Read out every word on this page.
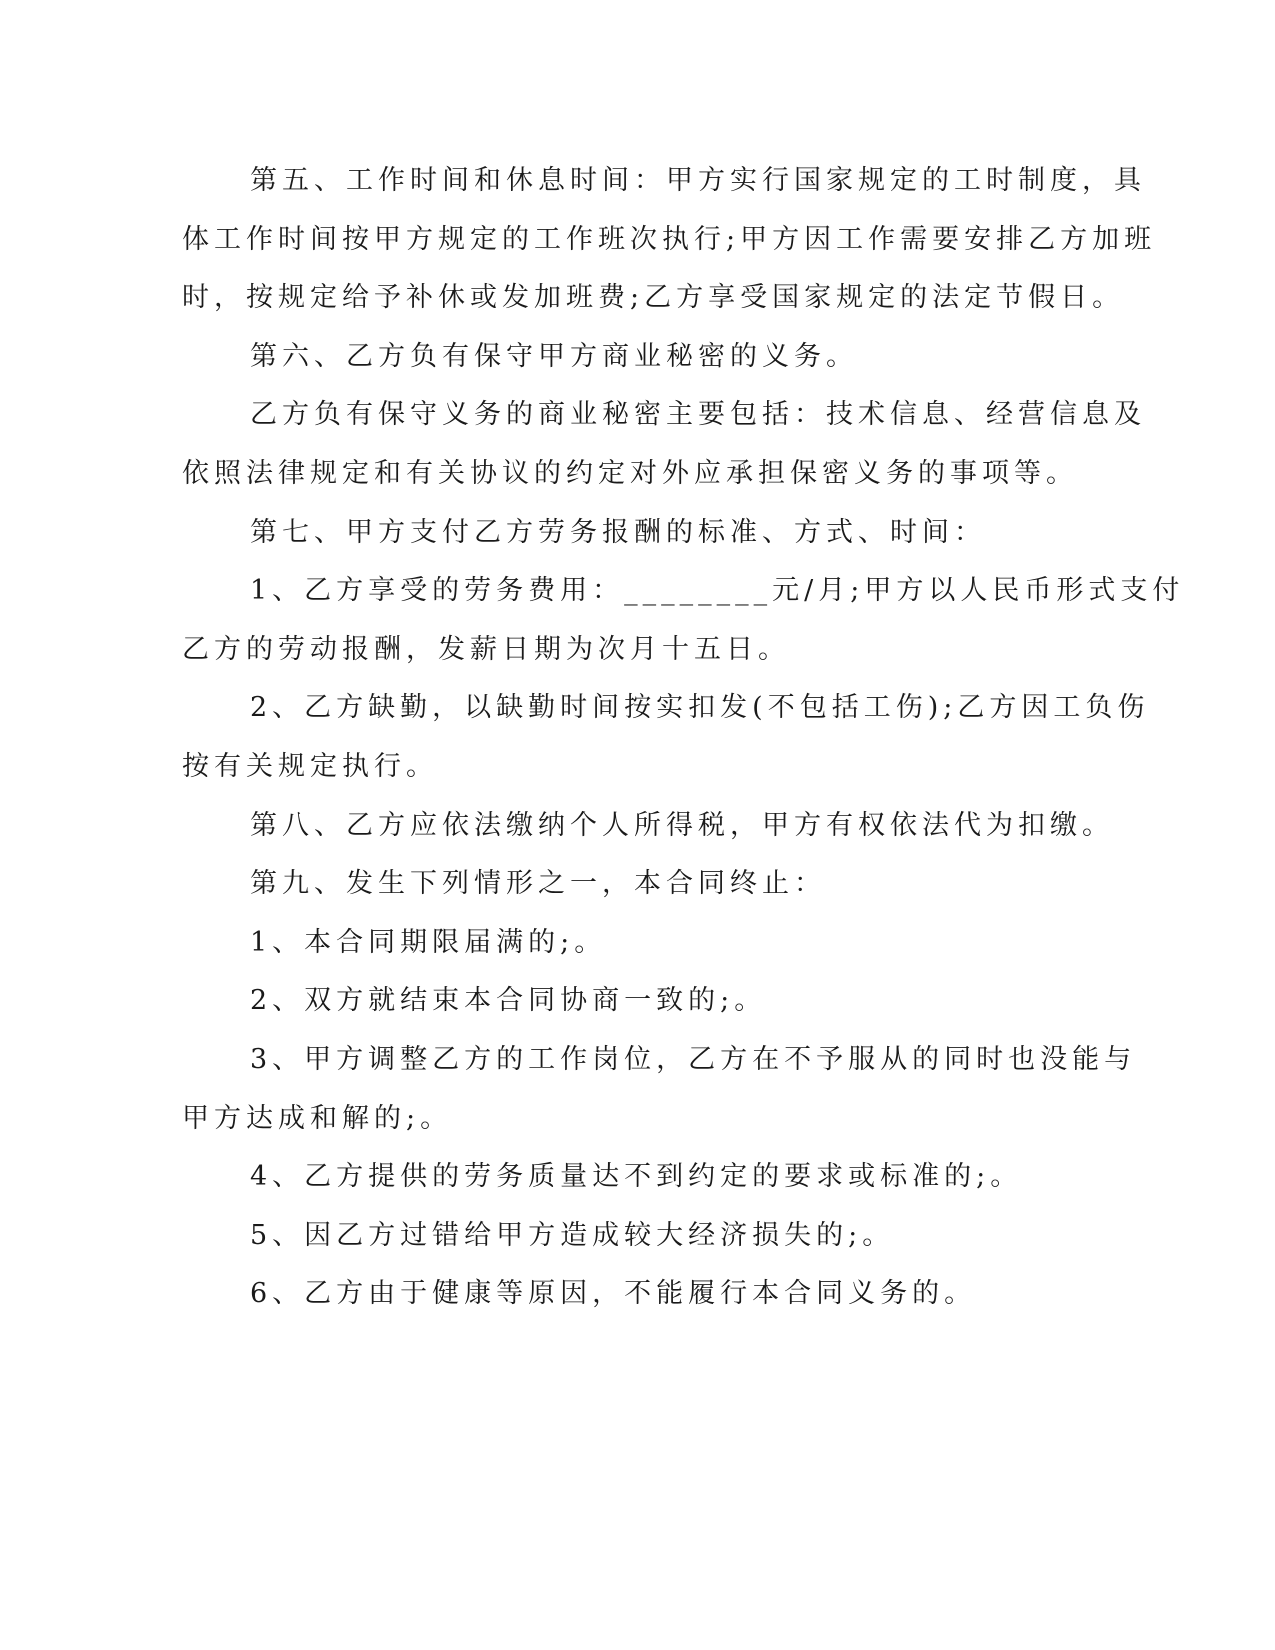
第五、工作时间和休息时间：甲方实行国家规定的工时制度，具
体工作时间按甲方规定的工作班次执行;甲方因工作需要安排乙方加班
时，按规定给予补休或发加班费;乙方享受国家规定的法定节假日。
第六、乙方负有保守甲方商业秘密的义务。
乙方负有保守义务的商业秘密主要包括：技术信息、经营信息及
依照法律规定和有关协议的约定对外应承担保密义务的事项等。
第七、甲方支付乙方劳务报酬的标准、方式、时间：
1、乙方享受的劳务费用：________元/月;甲方以人民币形式支付
乙方的劳动报酬，发薪日期为次月十五日。
2、乙方缺勤，以缺勤时间按实扣发(不包括工伤);乙方因工负伤
按有关规定执行。
第八、乙方应依法缴纳个人所得税，甲方有权依法代为扣缴。
第九、发生下列情形之一，本合同终止：
1、本合同期限届满的;。
2、双方就结束本合同协商一致的;。
3、甲方调整乙方的工作岗位，乙方在不予服从的同时也没能与
甲方达成和解的;。
4、乙方提供的劳务质量达不到约定的要求或标准的;。
5、因乙方过错给甲方造成较大经济损失的;。
6、乙方由于健康等原因，不能履行本合同义务的。
